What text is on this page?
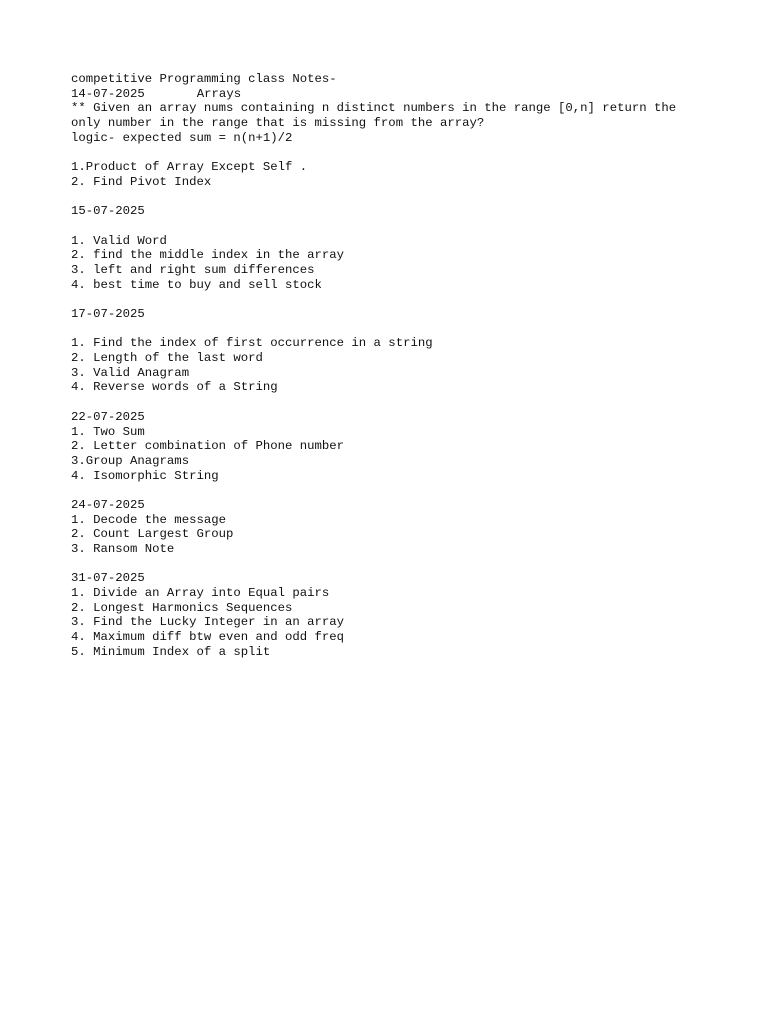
competitive Programming class Notes-
14-07-2025	Arrays
** Given an array nums containing n distinct numbers in the range [0,n] return the
only number in the range that is missing from the array?
logic- expected sum = n(n+1)/2
1.Product of Array Except Self .
2. Find Pivot Index
15-07-2025
1. Valid Word
2. find the middle index in the array
3. left and right sum differences
4. best time to buy and sell stock
17-07-2025
1. Find the index of first occurrence in a string
2. Length of the last word
3. Valid Anagram
4. Reverse words of a String
22-07-2025
1. Two Sum
2. Letter combination of Phone number
3.Group Anagrams
4. Isomorphic String
24-07-2025
1. Decode the message
2. Count Largest Group
3. Ransom Note
31-07-2025
1. Divide an Array into Equal pairs
2. Longest Harmonics Sequences
3. Find the Lucky Integer in an array
4. Maximum diff btw even and odd freq
5. Minimum Index of a split
